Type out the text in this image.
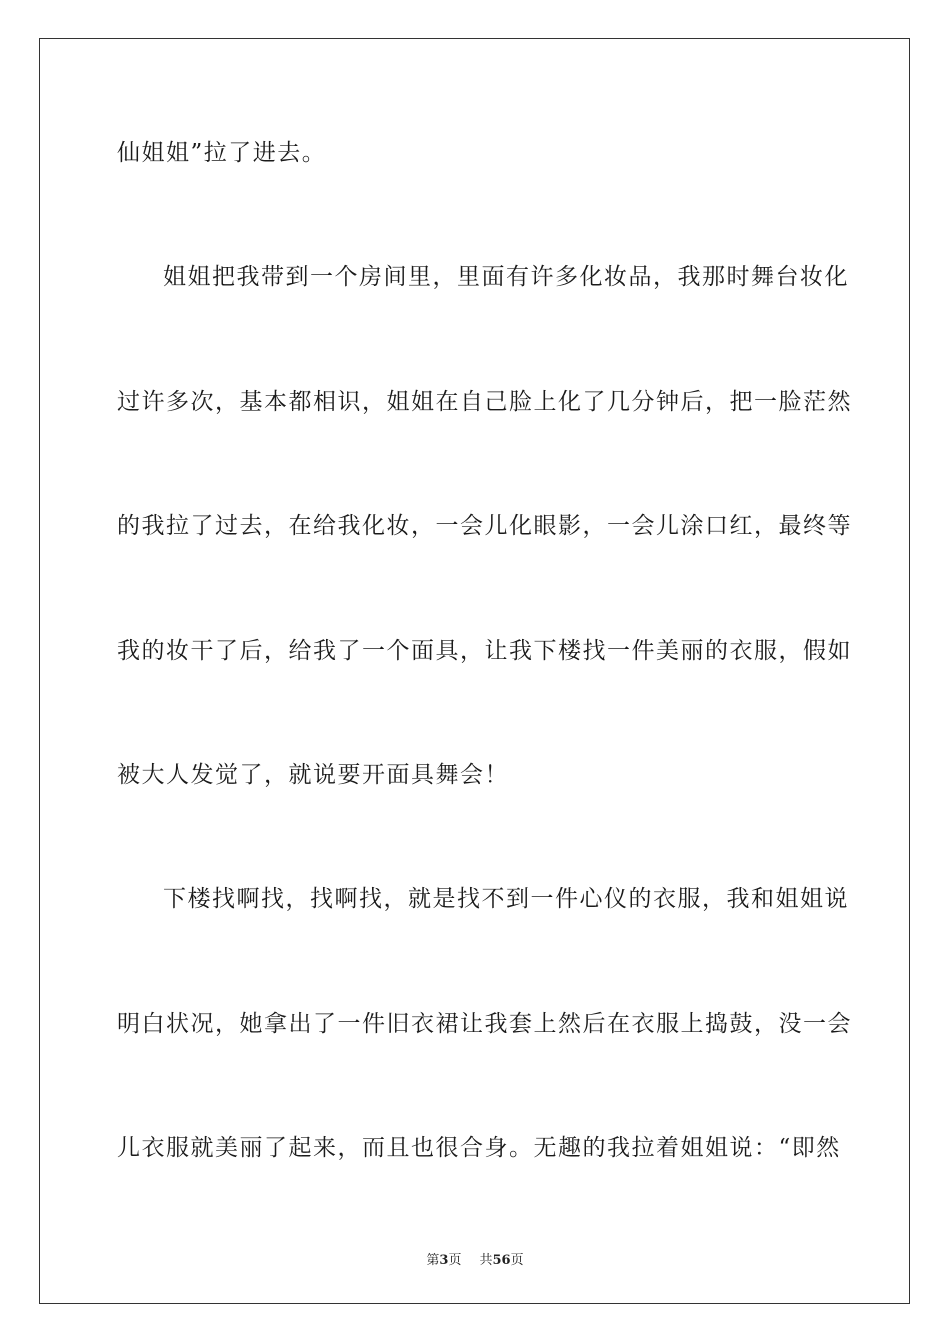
仙姐姐”拉了进去。
姐姐把我带到一个房间里，里面有许多化妆品，我那时舞台妆化
过许多次，基本都相识，姐姐在自己脸上化了几分钟后，把一脸茫然
的我拉了过去，在给我化妆，一会儿化眼影，一会儿涂口红，最终等
我的妆干了后，给我了一个面具，让我下楼找一件美丽的衣服，假如
被大人发觉了，就说要开面具舞会！
下楼找啊找，找啊找，就是找不到一件心仪的衣服，我和姐姐说
明白状况，她拿出了一件旧衣裙让我套上然后在衣服上捣鼓，没一会
儿衣服就美丽了起来，而且也很合身。无趣的我拉着姐姐说：“即然
第3页 共56页
